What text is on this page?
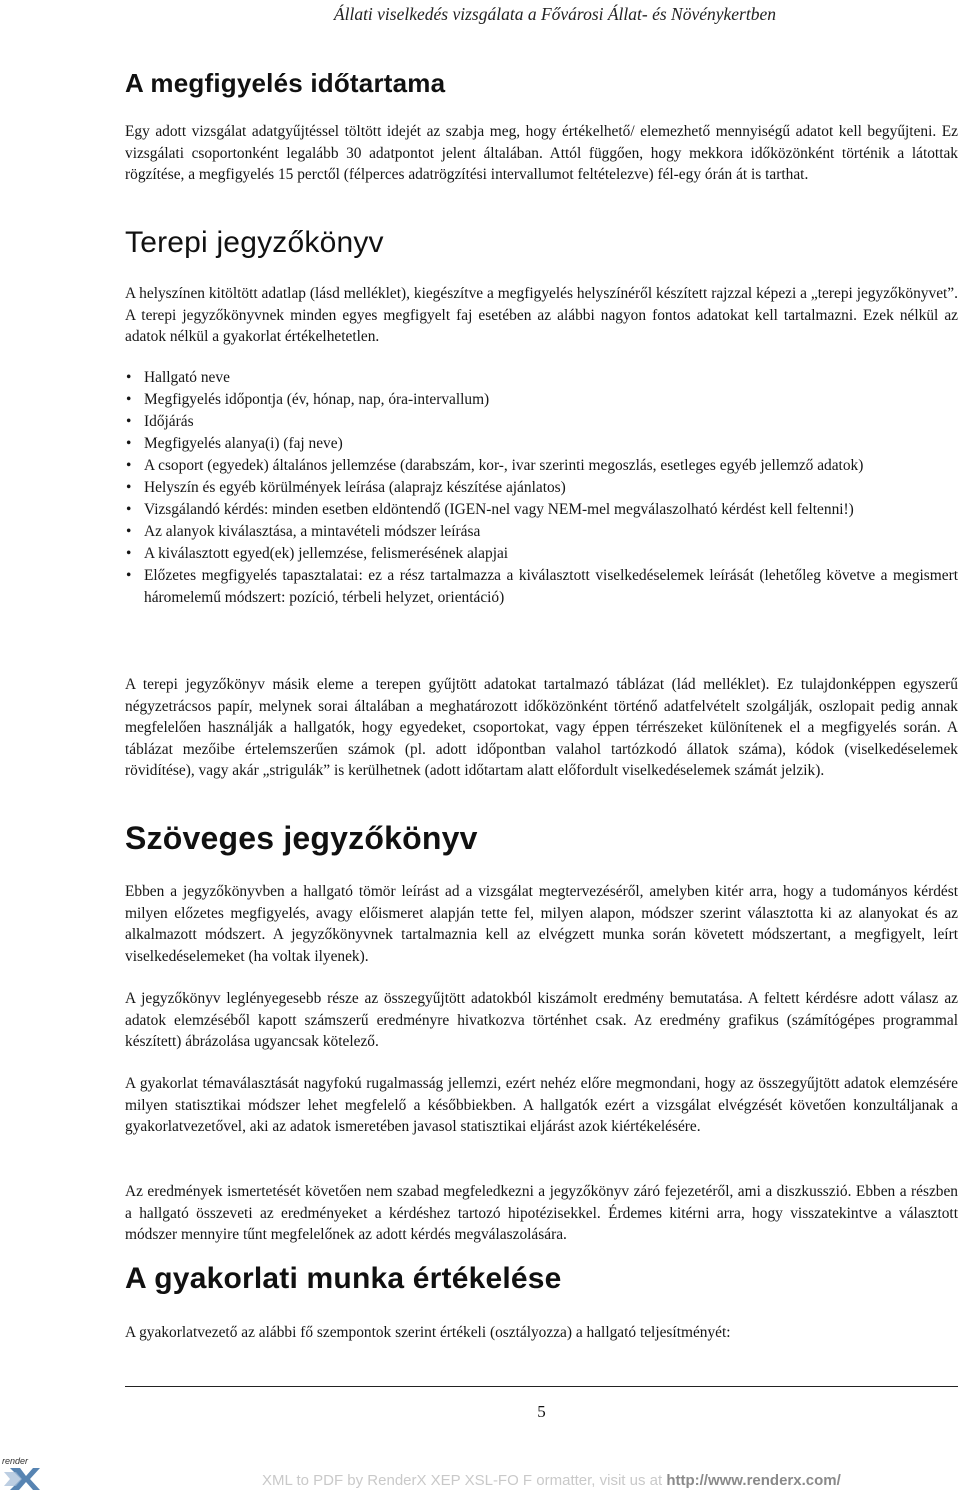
Állati viselkedés vizsgálata a Fővárosi Állat- és Növénykertben
A megfigyelés időtartama

Egy adott vizsgálat adatgyűjtéssel töltött idejét az szabja meg, hogy értékelhető/ elemezhető mennyiségű adatot kell begyűjteni. Ez vizsgálati csoportonként legalább 30 adatpontot jelent általában. Attól függően, hogy mekkora időközönként történik a látottak rögzítése, a megfigyelés 15 perctől (félperces adatrögzítési intervallumot feltételezve) fél-egy órán át is tarthat.

Terepi jegyzőkönyv

A helyszínen kitöltött adatlap (lásd melléklet), kiegészítve a megfigyelés helyszínéről készített rajzzal képezi a „terepi jegyzőkönyvet”. A terepi jegyzőkönyvnek minden egyes megfigyelt faj esetében az alábbi nagyon fontos adatokat kell tartalmazni. Ezek nélkül az adatok nélkül a gyakorlat értékelhetetlen.

• Hallgató neve
• Megfigyelés időpontja (év, hónap, nap, óra-intervallum)
• Időjárás
• Megfigyelés alanya(i) (faj neve)
• A csoport (egyedek) általános jellemzése (darabszám, kor-, ivar szerinti megoszlás, esetleges egyéb jellemző adatok)
• Helyszín és egyéb körülmények leírása (alaprajz készítése ajánlatos)
• Vizsgálandó kérdés: minden esetben eldöntendő (IGEN-nel vagy NEM-mel megválaszolható kérdést kell feltenni!)
• Az alanyok kiválasztása, a mintavételi módszer leírása
• A kiválasztott egyed(ek) jellemzése, felismerésének alapjai
• Előzetes megfigyelés tapasztalatai: ez a rész tartalmazza a kiválasztott viselkedéselemek leírását (lehetőleg követve a megismert háromelemű módszert: pozíció, térbeli helyzet, orientáció)

A terepi jegyzőkönyv másik eleme a terepen gyűjtött adatokat tartalmazó táblázat (lád melléklet). Ez tulajdonképpen egyszerű négyzetrácsos papír, melynek sorai általában a meghatározott időközönként történő adatfelvételt szolgálják, oszlopait pedig annak megfelelően használják a hallgatók, hogy egyedeket, csoportokat, vagy éppen térrészeket különítenek el a megfigyelés során. A táblázat mezőibe értelemszerűen számok (pl. adott időpontban valahol tartózkodó állatok száma), kódok (viselkedéselemek rövidítése), vagy akár „strigulák” is kerülhetnek (adott időtartam alatt előfordult viselkedéselemek számát jelzik).

Szöveges jegyzőkönyv

Ebben a jegyzőkönyvben a hallgató tömör leírást ad a vizsgálat megtervezéséről, amelyben kitér arra, hogy a tudományos kérdést milyen előzetes megfigyelés, avagy előismeret alapján tette fel, milyen alapon, módszer szerint választotta ki az alanyokat és az alkalmazott módszert. A jegyzőkönyvnek tartalmaznia kell az elvégzett munka során követett módszertant, a megfigyelt, leírt viselkedéselemeket (ha voltak ilyenek).

A jegyzőkönyv leglényegesebb része az összegyűjtött adatokból kiszámolt eredmény bemutatása. A feltett kérdésre adott válasz az adatok elemzéséből kapott számszerű eredményre hivatkozva történhet csak. Az eredmény grafikus (számítógépes programmal készített) ábrázolása ugyancsak kötelező.

A gyakorlat témaválasztását nagyfokú rugalmasság jellemzi, ezért nehéz előre megmondani, hogy az összegyűjtött adatok elemzésére milyen statisztikai módszer lehet megfelelő a későbbiekben. A hallgatók ezért a vizsgálat elvégzését követően konzultáljanak a gyakorlatvezetővel, aki az adatok ismeretében javasol statisztikai eljárást azok kiértékelésére.

Az eredmények ismertetését követően nem szabad megfeledkezni a jegyzőkönyv záró fejezetéről, ami a diszkusszió. Ebben a részben a hallgató összeveti az eredményeket a kérdéshez tartozó hipotézisekkel. Érdemes kitérni arra, hogy visszatekintve a választott módszer mennyire tűnt megfelelőnek az adott kérdés megválaszolására.

A gyakorlati munka értékelése

A gyakorlatvezető az alábbi fő szempontok szerint értékeli (osztályozza) a hallgató teljesítményét:

5
render
XML to PDF by RenderX XEP XSL-FO F ormatter, visit us at http://www.renderx.com/
